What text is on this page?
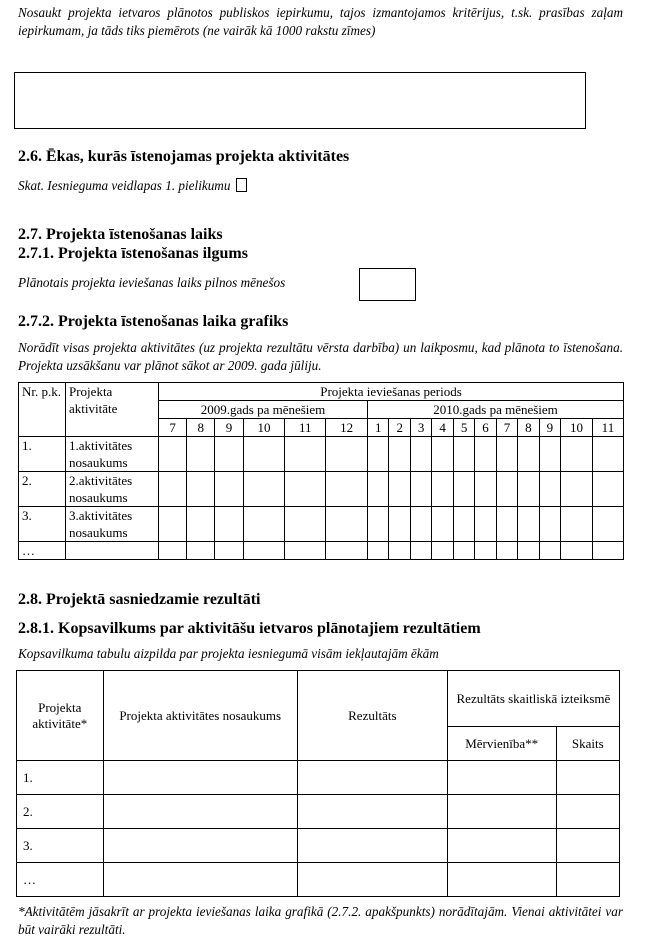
Nosaukt projekta ietvaros plānotos publiskos iepirkumu, tajos izmantojamos kritērijus, t.sk. prasības zaļam iepirkumam, ja tāds tiks piemērots (ne vairāk kā 1000 rakstu zīmes)
2.6. Ēkas, kurās īstenojamas projekta aktivitātes
Skat. Iesnieguma veidlapas 1. pielikumu
2.7. Projekta īstenošanas laiks
2.7.1. Projekta īstenošanas ilgums
Plānotais projekta ieviešanas laiks pilnos mēnešos
2.7.2. Projekta īstenošanas laika grafiks
Norādīt visas projekta aktivitātes (uz projekta rezultātu vērsta darbība) un laikposmu, kad plānota to īstenošana. Projekta uzsākšanu var plānot sākot ar 2009. gada jūliju.
Nr. p.k.	Projekta aktivitāte	Projekta ieviešanas periods																
		2009.gads pa mēnešiem						2010.gads pa mēnešiem										
		7	8	9	10	11	12	1	2	3	4	5	6	7	8	9	10	11
1.	1.aktivitātes nosaukums																	
2.	2.aktivitātes nosaukums																	
3.	3.aktivitātes nosaukums																	
…																		
2.8. Projektā sasniedzamie rezultāti
2.8.1. Kopsavilkums par aktivitāšu ietvaros plānotajiem rezultātiem
Kopsavilkuma tabulu aizpilda par projekta iesniegumā visām iekļautajām ēkām
Projekta aktivitāte*	Projekta aktivitātes nosaukums	Rezultāts	Rezultāts skaitliskā izteiksmē	
			Mērvienība**	Skaits
1.				
2.				
3.				
…				
*Aktivitātēm jāsakrīt ar projekta ieviešanas laika grafikā (2.7.2. apakšpunkts) norādītajām. Vienai aktivitātei var būt vairāki rezultāti.
